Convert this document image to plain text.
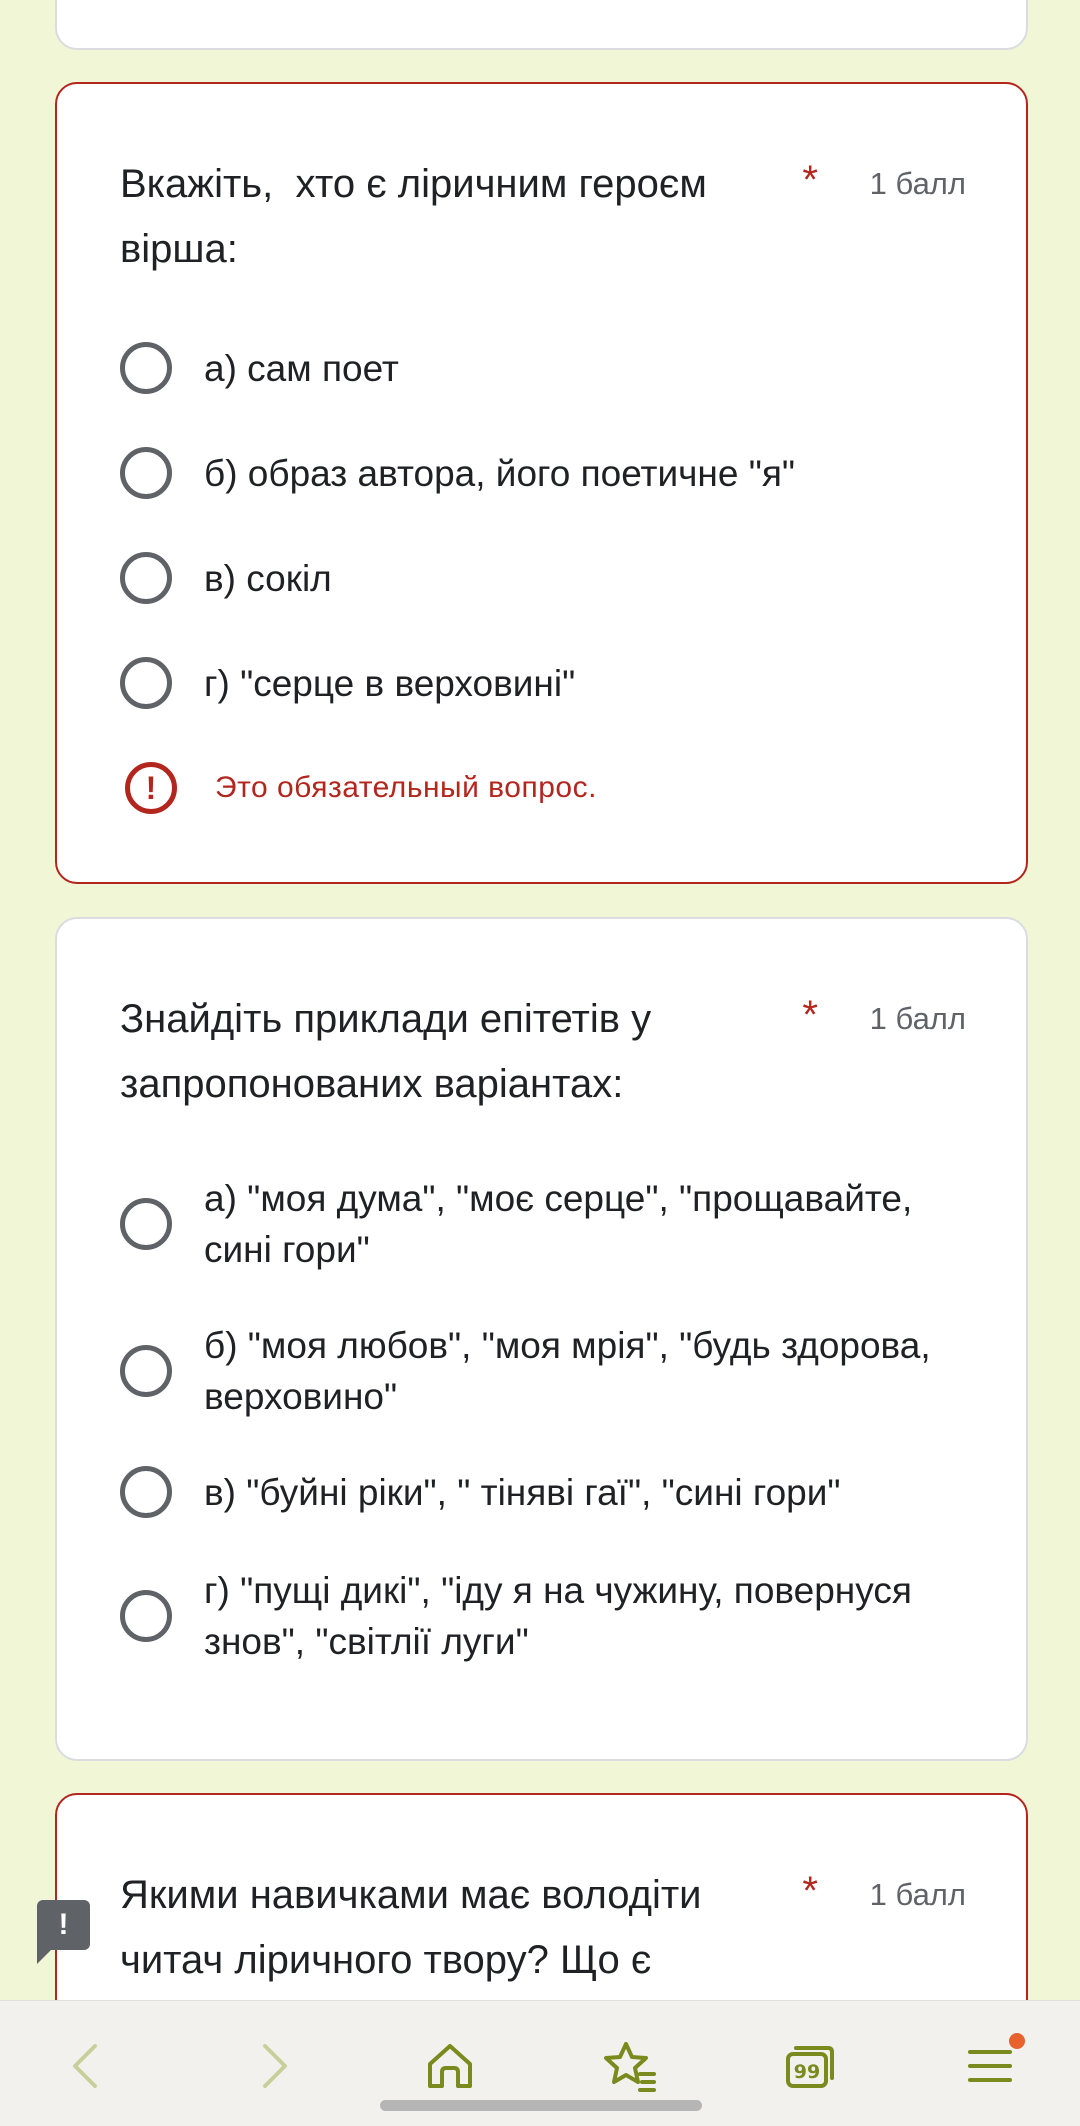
Вкажіть,  хто є ліричним героєм вірша:
* 1 балл
а) сам поет
б) образ автора, його поетичне "я"
в) сокіл
г) "серце в верховині"
!	Это обязательный вопрос.
Знайдіть приклади епітетів у запропонованих варіантах:
* 1 балл
а) "моя дума", "моє серце", "прощавайте, сині гори"
б) "моя любов", "моя мрія", "будь здорова, верховино"
в) "буйні ріки", " тіняві гаї", "сині гори"
г) "пущі дикі", "іду я на чужину, повернуся знов", "світлії луги"
Якими навичками має володіти читач ліричного твору? Що є
* 1 балл
!
99
